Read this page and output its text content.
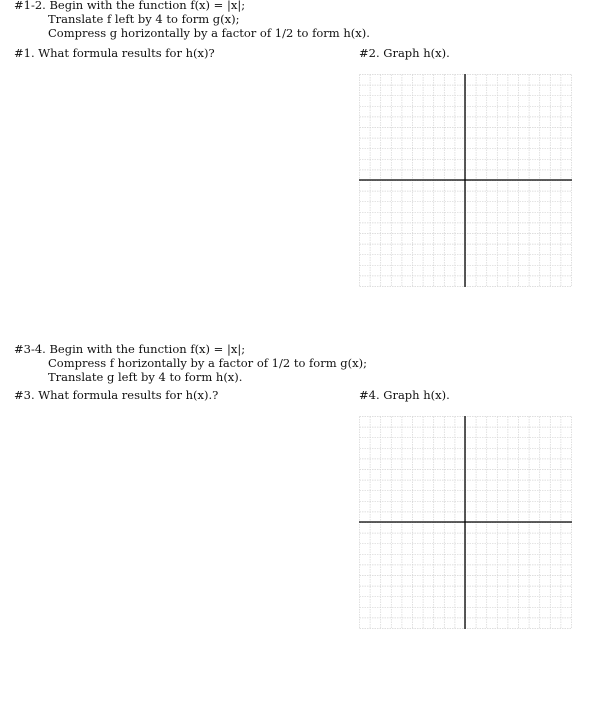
#1-2. Begin with the function f(x) = |x|;
Translate f left by 4 to form g(x);
Compress g horizontally by a factor of 1/2 to form h(x).
#1. What formula results for h(x)?	#2. Graph h(x).
#3-4. Begin with the function f(x) = |x|;
Compress f horizontally by a factor of 1/2 to form g(x);
Translate g left by 4 to form h(x).
#3. What formula results for h(x).?	#4. Graph h(x).
